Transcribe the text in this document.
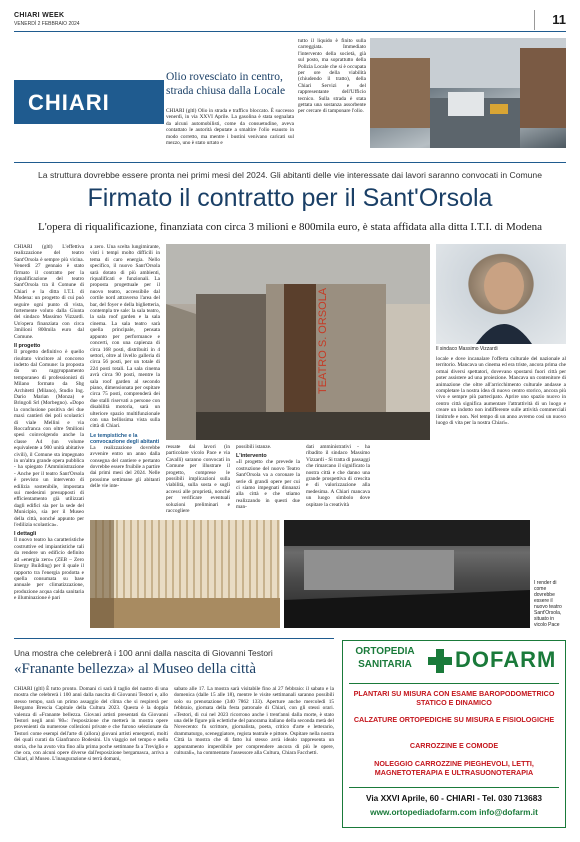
CHIARI WEEK
VENERDÌ 2 FEBBRAIO 2024	11
CHIARI
Olio rovesciato in centro, strada chiusa dalla Locale
CHIARI (gltl) Olio in strada e traffico bloccato. È successo venerdì, in via XXVI Aprile. La gasolina è stata segnalata da alcuni automobilisti, come da consuetudine, aveva contattato le autorità deputate a smaltire l'olio esausto in modo corretto, ma mentre i bustini venivano caricati sul mezzo, uno è stato urtato e
tutto il liquido è finito sulla carreggiata. Immediato l'intervento della società, già sul posto, ma soprattutto della Polizia Locale che si è occupata per ore della viabilità (chiudendo il tratto), della Chiari Servizi e del rappresentante dell'Ufficio tecnico. Sulla strada è stata gettata una sostanza assorbente per cercare di tamponare l'olio.
La struttura dovrebbe essere pronta nei primi mesi del 2024. Gli abitanti delle vie interessate dai lavori saranno convocati in Comune
Firmato il contratto per il Sant'Orsola
L'opera di riqualificazione, finanziata con circa 3 milioni e 800mila euro, è stata affidata alla ditta I.T.I. di Modena
CHIARI (gltl) L'effettiva realizzazione del teatro Sant'Orsola è sempre più vicina. Venerdì 27 gennaio è stato firmato il contratto per la riqualificazione del teatro Sant'Orsola tra il Comune di Chiari e la ditta I.T.I. di Modena: un progetto di cui può seguire ogni punto di vista, fortemente voluto dalla Giunta del sindaco Massimo Vizzardi. Un'opera finanziata con circa 3milioni 800mila euro dal Comune.
Il progetto
Il progetto definitivo è quello risultato vincitore al concorso indetto dal Comune: la proposta da un raggruppamento temporaneo di professionisti di Milano formato da Sbg Architetti (Milano), Studio Ing. Dario Marian (Monza) e Bringoli Srl (Morbegno). «Dopo la conclusione positiva dei due maxi cantieri dei poli scolastici di viale Mellini e via Roccafranca con oltre 9milioni spesi coinvolgendo anche la classe A4 (un volume equivalente a 900 unità abitative civili), il Comune sta impegnato in un'altra grande opera pubblica - ha spiegato l'Amministrazione - Anche per il teatro Sant'Orsola è previsto un intervento di edilizia sostenibile, impostata sui medesimi presupposti di efficientamento già utilizzati dagli edifici sia per la sede del Municipio, sia per il Museo della città, nonché appunto per l'edilizia scolastica».
I dettagli
Il nuovo teatro ha caratteristiche costruttive ed impiantistiche tali da rendere un edificio definito ad «energia zero» (ZEB – Zero Energy Building) per il quale il rapporto tra l'energia prodotta e quella consumata su base annuale per climatizzazione, produzione acqua calda sanitaria e illuminazione è pari
a zero. Una scelta lungimirante, visti i tempi molto difficili in tema di caro energia. Nello specifico, il nuovo Sant'Orsola sarà dotato di più ambienti, riqualificati e funzionali. La proposta progettuale per il nuovo teatro, accessibile dal cortile nord attraverso l'area del bar, del foyer e della biglietteria, contempla tre sale: la sala teatro, la sala roof garden e la sala cinema. La sala teatro sarà quella principale, pensata appunto per performance e concerti, con una capienza di circa 168 posti, distribuiti in 4 settori, oltre al livello galleria di circa 56 posti, per un totale di 224 posti totali. La sala cinema avrà circa 90 posti, mentre la sala roof garden al secondo piano, dimensionata per ospitare circa 75 posti, comprenderà dei due stalli riservati a persone con disabilità motoria, sarà un ulteriore spazio multifunzionale con una bellissima vista sulla città di Chiari.
Le tempistiche e la convocazione degli abitanti
La realizzazione dovrebbe avvenire entro un anno dalla consegna del cantiere e pertanto dovrebbe essere fruibile a partire dai primi mesi del 2024. Nelle prossime settimane gli abitanti delle vie inte-
TEATRO S. ORSOLA
ressate dai lavori (in particolare vicolo Pace e via Cavalli) saranno convocati in Comune per illustrare il progetto, comprese le possibili implicazioni sulla viabilità, sulla sosta e sugli accessi alle proprietà, nonché per verificare eventuali soluzioni preliminari e raccogliere
possibili istanze.
L'intervento
«Il progetto che prevede la costruzione del nuovo Teatro Sant'Orsola va a coronare la serie di grandi opere per cui ci siamo impegnati dinnanzi alla città e che stiamo realizzando in questi due man-
dati amministrativi - ha ribadito il sindaco Massimo Vizzardi - Si tratta di passaggi che rimarcano il significato la nostra città e che danno una grande prospettiva di crescita e di valorizzazione alla medesima. A Chiari mancava un luogo simbolo dove ospitare la creatività
Il sindaco Massimo Vizzardi
locale e dove incanalare l'offerta culturale del nazionale al territorio. Mancava un cinema ed era triste, ancora prima che ormai diversi spettatori, dovevano spostarsi fuori città per poter assistere ad una proiezione. Mancava un contenitore di animazione che oltre all'arricchimento culturale andasse a completare la nostra idea di nuovo centro storico, ancora più vivo e sempre più partecipato. Aprire uno spazio nuovo in centro città significa aumentare l'attrattività di un luogo e creare un indotto non indifferente sulle attività commerciali limitrofe e non. Nel tempo di un anno avremo così un nuovo luogo di vita per la nostra Chiari».
I render di come dovrebbe essere il nuovo teatro Sant'Orsola, situato in vicolo Pace
Una mostra che celebrerà i 100 anni dalla nascita di Giovanni Testori
«Franante bellezza» al Museo della città
CHIARI (gltl) È tutto pronto. Domani ci sarà il taglio del nastro di una mostra che celebrerà i 100 anni dalla nascita di Giovanni Testori e, allo stesso tempo, sarà un primo assaggio del clima che si respirerà per Bergamo Brescia Capitale della Cultura 2023. Questa è la doppia valenza di «Franante bellezza. Giovani artisti presentati da Giovanni Testori negli anni '80»: l'esposizione che metterà in mostra opere provenienti da numerose collezioni private e che furono selezionate da Testori come esempi dell'arte di (allora) giovani artisti emergenti, molti dei quali curati da Gianfranco Bodesini. Un viaggio nel tempo e nella storia, che ha avuto vita fino alla prima poche settimane fa a Treviglio e che ora, con alcuni opere diverse dall'esposizione bergamasca, arriva a Chiari, al Museo. L'inaugurazione si terrà domani,
sabato alle 17. La mostra sarà visitabile fino al 27 febbraio: il sabato e la domenica (dalle 15 alle 18), mentre le visite settimanali saranno possibili solo su prenotazione (340 7862 133). Aperture anche mercoledì 15 febbraio, giornata della festa patronale di Chiari, con gli stessi orari. «Testori, di cui nel 2023 ricorrono anche i trent'anni dalla morte, è stato una delle figure più eclettiche del panorama italiano della seconda metà del Novecento: fu scrittore, giornalista, poeta, critico d'arte e letterario, drammaturgo, sceneggiatore, regista teatrale e pittore. Ospitare nella nostra Città la mostra che di fatto lui stesso avrà idealo rappresenta un appuntamento imperdibile per comprendere ancora di più le opere, culturali», ha commentato l'assessore alla Cultura, Chiara Facchetti.
ORTOPEDIA
SANITARIA	DOFARM
PLANTARI SU MISURA CON ESAME BAROPODOMETRICO STATICO E DINAMICO
CALZATURE ORTOPEDICHE SU MISURA E FISIOLOGICHE
CARROZZINE E COMODE
NOLEGGIO CARROZZINE PIEGHEVOLI, LETTI, MAGNETOTERAPIA E ULTRASUONOTERAPIA
Via XXVI Aprile, 60 - CHIARI - Tel. 030 713683
www.ortopediadofarm.com info@dofarm.it
